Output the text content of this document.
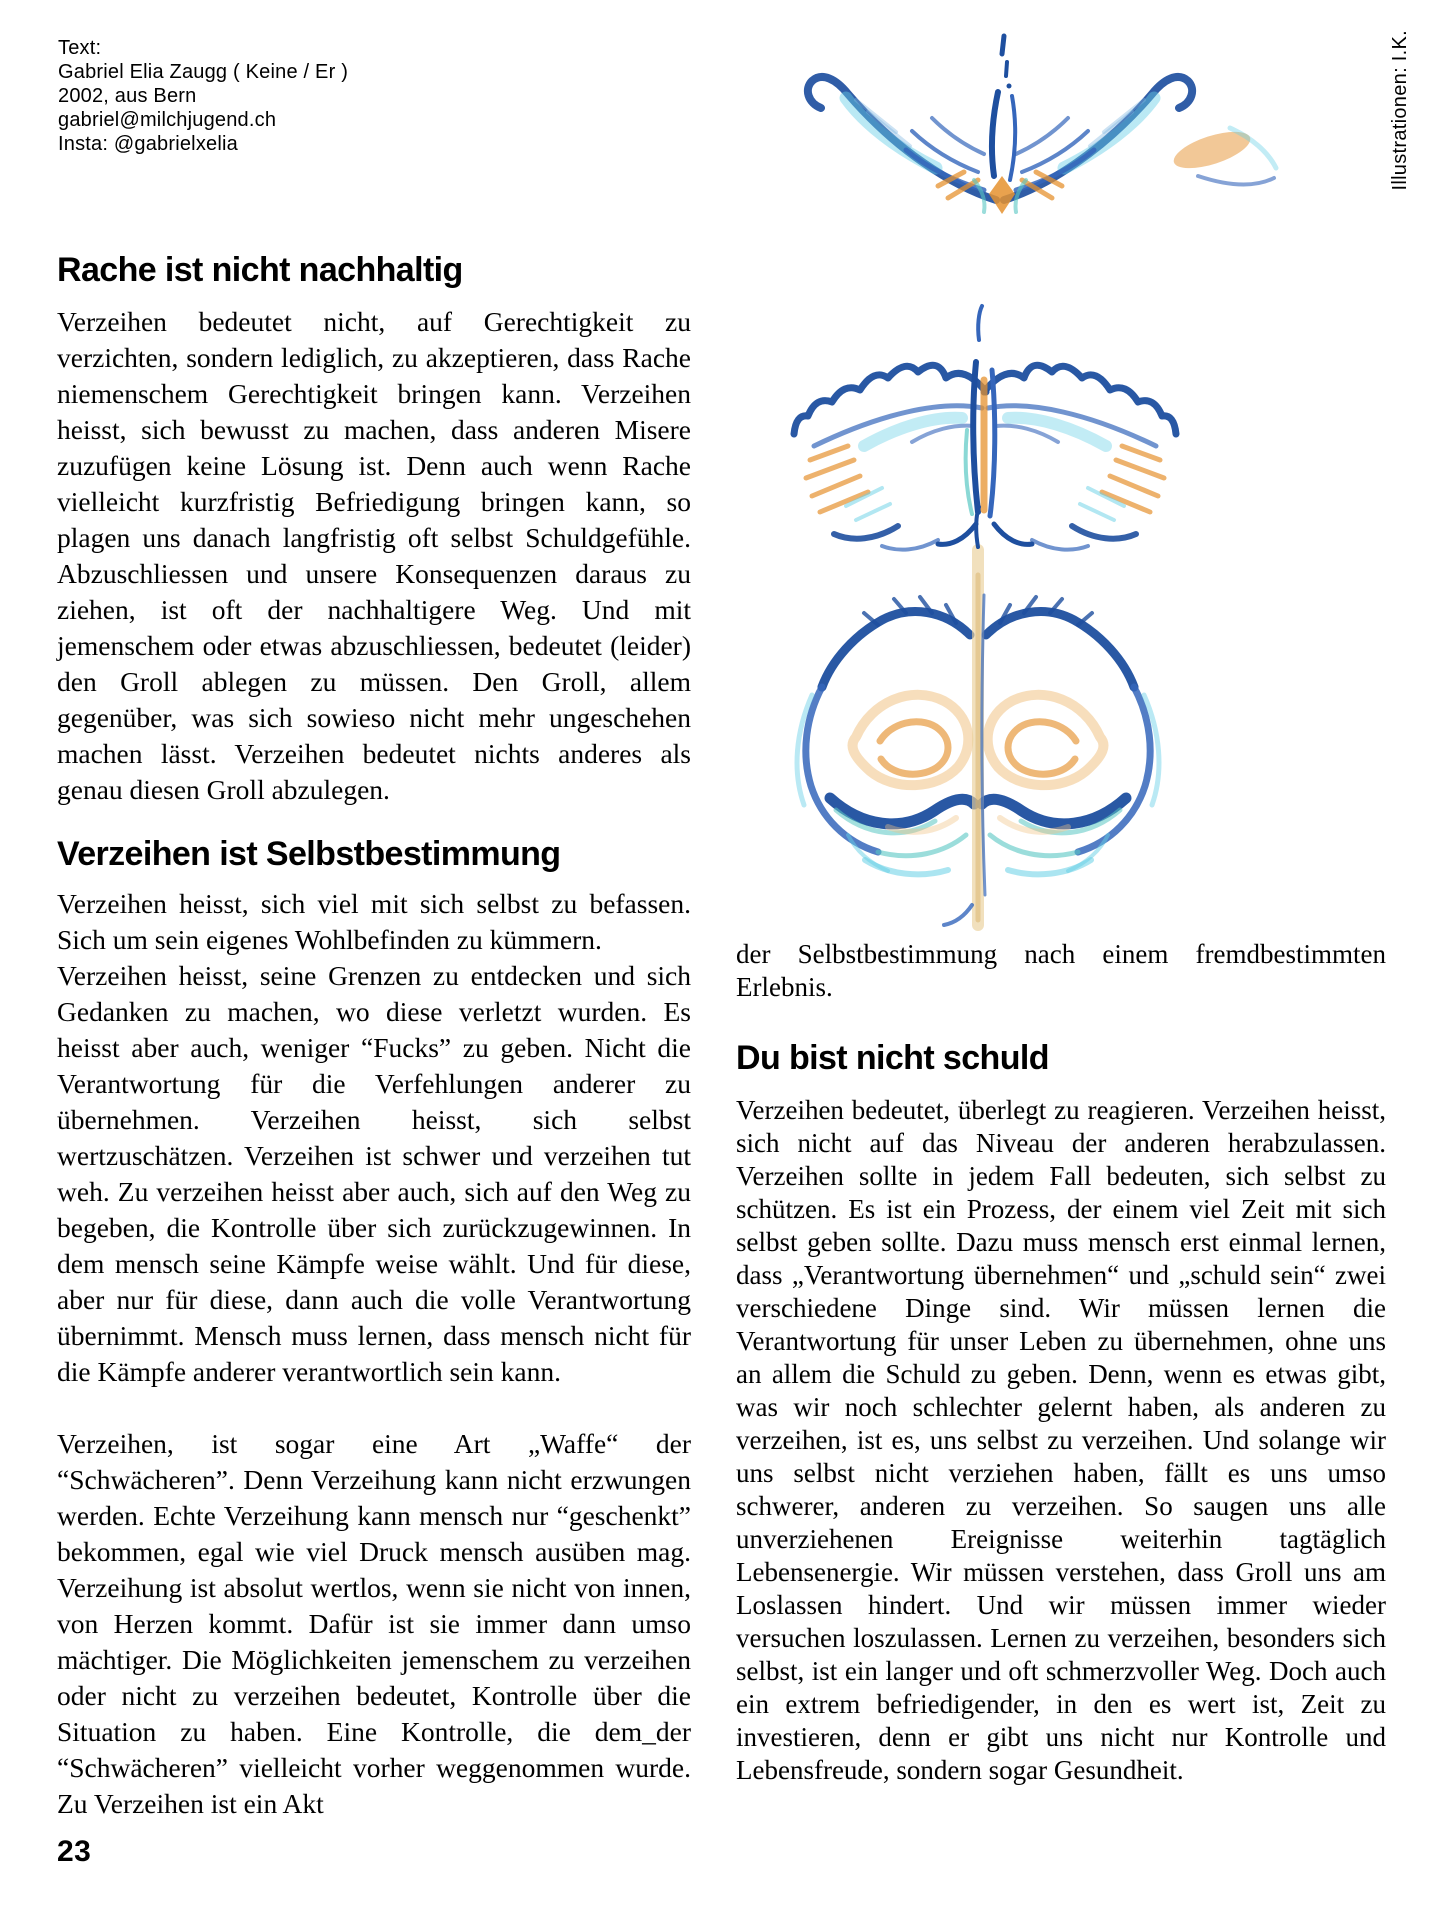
Text:
Gabriel Elia Zaugg ( Keine / Er )
2002, aus Bern
gabriel@milchjugend.ch
Insta: @gabrielxelia	Illustrationen: I.K.
Rache ist nicht nachhaltig

Verzeihen bedeutet nicht, auf Gerechtigkeit zu verzichten, sondern lediglich, zu akzeptieren, dass Rache niemenschem Gerechtigkeit bringen kann. Verzeihen heisst, sich bewusst zu machen, dass anderen Misere zuzufügen keine Lösung ist. Denn auch wenn Rache vielleicht kurzfristig Befriedigung bringen kann, so plagen uns danach langfristig oft selbst Schuldgefühle. Abzuschliessen und unsere Konsequenzen daraus zu ziehen, ist oft der nachhaltigere Weg. Und mit jemenschem oder etwas abzuschliessen, bedeutet (leider) den Groll ablegen zu müssen. Den Groll, allem gegenüber, was sich sowieso nicht mehr ungeschehen machen lässt. Verzeihen bedeutet nichts anderes als genau diesen Groll abzulegen.

Verzeihen ist Selbstbestimmung

Verzeihen heisst, sich viel mit sich selbst zu befassen. Sich um sein eigenes Wohlbefinden zu kümmern.

Verzeihen heisst, seine Grenzen zu entdecken und sich Gedanken zu machen, wo diese verletzt wurden. Es heisst aber auch, weniger “Fucks” zu geben. Nicht die Verantwortung für die Verfehlungen anderer zu übernehmen. Verzeihen heisst, sich selbst wertzuschätzen. Verzeihen ist schwer und verzeihen tut weh. Zu verzeihen heisst aber auch, sich auf den Weg zu begeben, die Kontrolle über sich zurückzugewinnen. In dem mensch seine Kämpfe weise wählt. Und für diese, aber nur für diese, dann auch die volle Verantwortung übernimmt. Mensch muss lernen, dass mensch nicht für die Kämpfe anderer verantwortlich sein kann.

Verzeihen, ist sogar eine Art „Waffe“ der “Schwächeren”. Denn Verzeihung kann nicht erzwungen werden. Echte Verzeihung kann mensch nur “geschenkt” bekommen, egal wie viel Druck mensch ausüben mag. Verzeihung ist absolut wertlos, wenn sie nicht von innen, von Herzen kommt. Dafür ist sie immer dann umso mächtiger. Die Möglichkeiten jemenschem zu verzeihen oder nicht zu verzeihen bedeutet, Kontrolle über die Situation zu haben. Eine Kontrolle, die dem_der “Schwächeren” vielleicht vorher weggenommen wurde. Zu Verzeihen ist ein Akt

der Selbstbestimmung nach einem fremdbestimmten Erlebnis.

Du bist nicht schuld

Verzeihen bedeutet, überlegt zu reagieren. Verzeihen heisst, sich nicht auf das Niveau der anderen herabzulassen. Verzeihen sollte in jedem Fall bedeuten, sich selbst zu schützen. Es ist ein Prozess, der einem viel Zeit mit sich selbst geben sollte. Dazu muss mensch erst einmal lernen, dass „Verantwortung übernehmen“ und „schuld sein“ zwei verschiedene Dinge sind. Wir müssen lernen die Verantwortung für unser Leben zu übernehmen, ohne uns an allem die Schuld zu geben. Denn, wenn es etwas gibt, was wir noch schlechter gelernt haben, als anderen zu verzeihen, ist es, uns selbst zu verzeihen. Und solange wir uns selbst nicht verziehen haben, fällt es uns umso schwerer, anderen zu verzeihen. So saugen uns alle unverziehenen Ereignisse weiterhin tagtäglich Lebensenergie. Wir müssen verstehen, dass Groll uns am Loslassen hindert. Und wir müssen immer wieder versuchen loszulassen. Lernen zu verzeihen, besonders sich selbst, ist ein langer und oft schmerzvoller Weg. Doch auch ein extrem befriedigender, in den es wert ist, Zeit zu investieren, denn er gibt uns nicht nur Kontrolle und Lebensfreude, sondern sogar Gesundheit.

23
